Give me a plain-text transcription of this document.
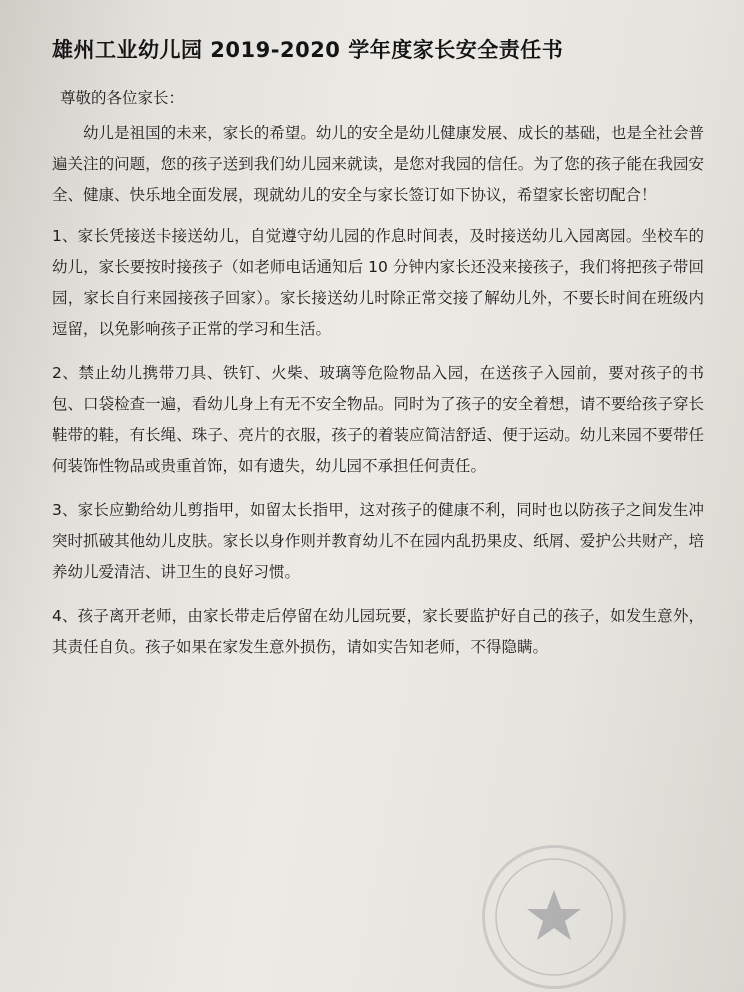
雄州工业幼儿园 2019-2020 学年度家长安全责任书
尊敬的各位家长：

幼儿是祖国的未来，家长的希望。幼儿的安全是幼儿健康发展、成长的基础，也是全社会普遍关注的问题，您的孩子送到我们幼儿园来就读，是您对我园的信任。为了您的孩子能在我园安全、健康、快乐地全面发展，现就幼儿的安全与家长签订如下协议，希望家长密切配合！

1、家长凭接送卡接送幼儿，自觉遵守幼儿园的作息时间表，及时接送幼儿入园离园。坐校车的幼儿，家长要按时接孩子（如老师电话通知后 10 分钟内家长还没来接孩子，我们将把孩子带回园，家长自行来园接孩子回家）。家长接送幼儿时除正常交接了解幼儿外，不要长时间在班级内逗留，以免影响孩子正常的学习和生活。

2、禁止幼儿携带刀具、铁钉、火柴、玻璃等危险物品入园，在送孩子入园前，要对孩子的书包、口袋检查一遍，看幼儿身上有无不安全物品。同时为了孩子的安全着想，请不要给孩子穿长鞋带的鞋，有长绳、珠子、亮片的衣服，孩子的着装应简洁舒适、便于运动。幼儿来园不要带任何装饰性物品或贵重首饰，如有遗失，幼儿园不承担任何责任。

3、家长应勤给幼儿剪指甲，如留太长指甲，这对孩子的健康不利，同时也以防孩子之间发生冲突时抓破其他幼儿皮肤。家长以身作则并教育幼儿不在园内乱扔果皮、纸屑、爱护公共财产，培养幼儿爱清洁、讲卫生的良好习惯。

4、孩子离开老师，由家长带走后停留在幼儿园玩要，家长要监护好自己的孩子，如发生意外，其责任自负。孩子如果在家发生意外损伤，请如实告知老师，不得隐瞒。
